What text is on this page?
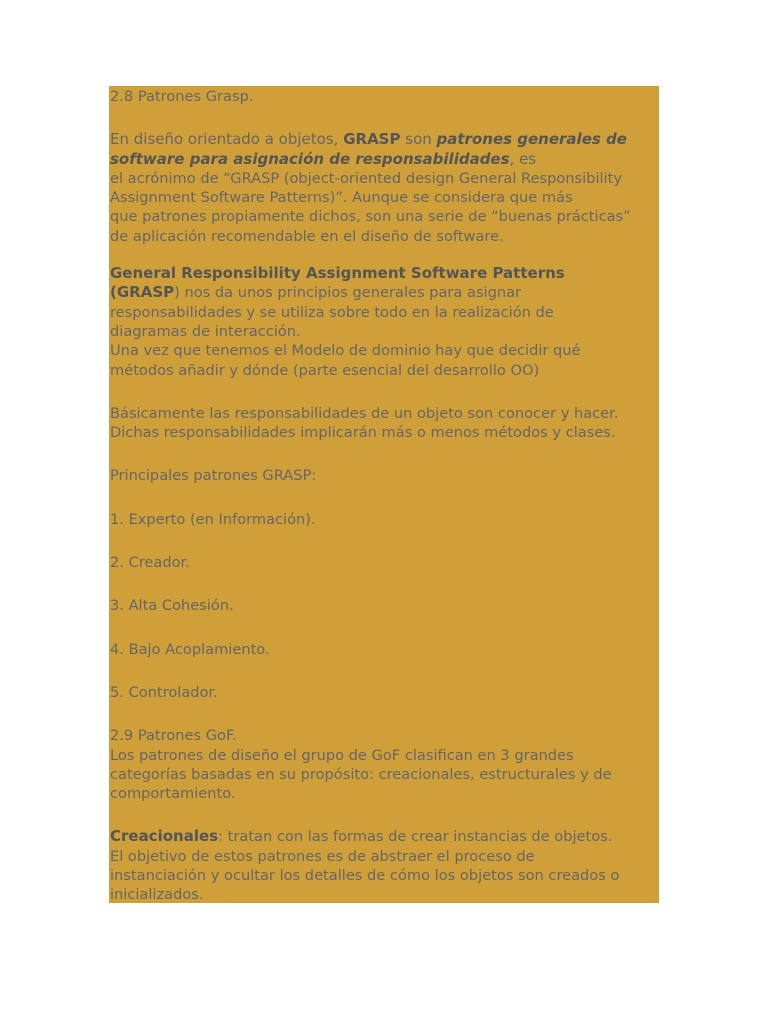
2.8 Patrones Grasp.

En diseño orientado a objetos, GRASP son patrones generales de

software para asignación de responsabilidades, es

el acrónimo de “GRASP (object-oriented design General Responsibility

Assignment Software Patterns)”. Aunque se considera que más

que patrones propiamente dichos, son una serie de “buenas prácticas”

de aplicación recomendable en el diseño de software.

General Responsibility Assignment Software Patterns

(GRASP) nos da unos principios generales para asignar

responsabilidades y se utiliza sobre todo en la realización de

diagramas de interacción.

Una vez que tenemos el Modelo de dominio hay que decidir qué

métodos añadir y dónde (parte esencial del desarrollo OO)

Básicamente las responsabilidades de un objeto son conocer y hacer.

Dichas responsabilidades implicarán más o menos métodos y clases.

Principales patrones GRASP:

1. Experto (en Información).

2. Creador.

3. Alta Cohesión.

4. Bajo Acoplamiento.

5. Controlador.

2.9 Patrones GoF.

Los patrones de diseño el grupo de GoF clasifican en 3 grandes

categorías basadas en su propósito: creacionales, estructurales y de

comportamiento.

Creacionales: tratan con las formas de crear instancias de objetos.

El objetivo de estos patrones es de abstraer el proceso de

instanciación y ocultar los detalles de cómo los objetos son creados o

inicializados.
